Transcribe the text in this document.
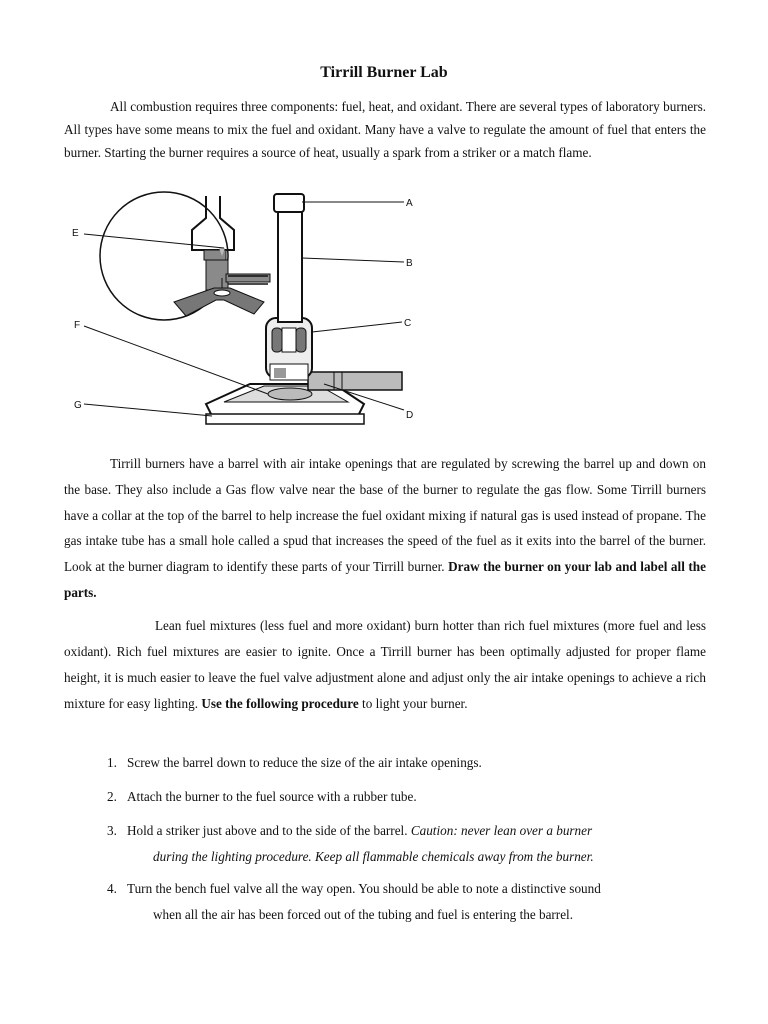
Tirrill Burner Lab
All combustion requires three components: fuel, heat, and oxidant. There are several types of laboratory burners. All types have some means to mix the fuel and oxidant. Many have a valve to regulate the amount of fuel that enters the burner. Starting the burner requires a source of heat, usually a spark from a striker or a match flame.
A
B
C
D
E
F
G
Tirrill burners have a barrel with air intake openings that are regulated by screwing the barrel up and down on the base. They also include a Gas flow valve near the base of the burner to regulate the gas flow. Some Tirrill burners have a collar at the top of the barrel to help increase the fuel oxidant mixing if natural gas is used instead of propane. The gas intake tube has a small hole called a spud that increases the speed of the fuel as it exits into the barrel of the burner. Look at the burner diagram to identify these parts of your Tirrill burner. Draw the burner on your lab and label all the parts.
Lean fuel mixtures (less fuel and more oxidant) burn hotter than rich fuel mixtures (more fuel and less oxidant). Rich fuel mixtures are easier to ignite. Once a Tirrill burner has been optimally adjusted for proper flame height, it is much easier to leave the fuel valve adjustment alone and adjust only the air intake openings to achieve a rich mixture for easy lighting. Use the following procedure to light your burner.
1. Screw the barrel down to reduce the size of the air intake openings.
2. Attach the burner to the fuel source with a rubber tube.
3. Hold a striker just above and to the side of the barrel. Caution: never lean over a burner
during the lighting procedure. Keep all flammable chemicals away from the burner.
4. Turn the bench fuel valve all the way open. You should be able to note a distinctive sound
when all the air has been forced out of the tubing and fuel is entering the barrel.
